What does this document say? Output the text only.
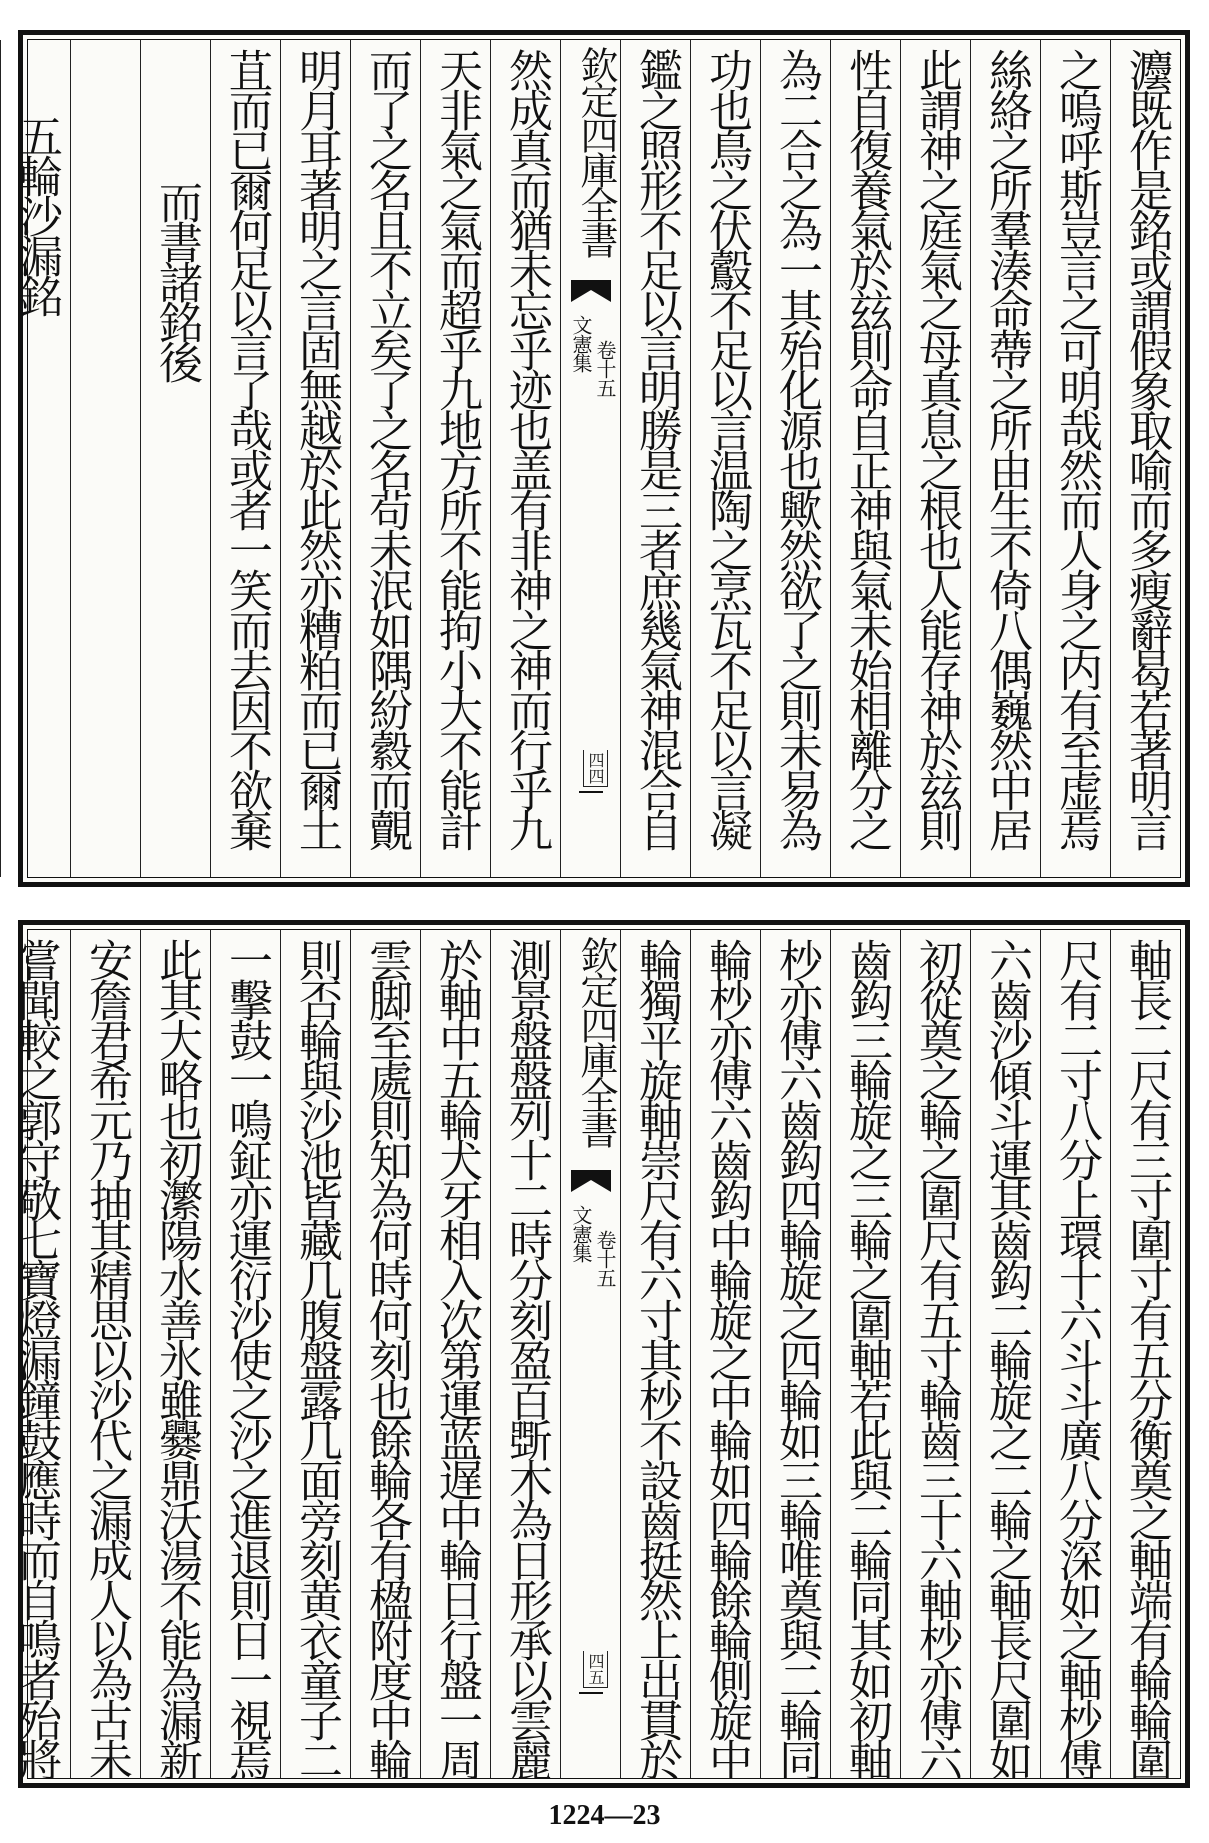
灋既作是銘或謂假象取喻而多瘦辭曷若著明言
之嗚呼斯豈言之可明哉然而人身之内有至虚焉
絲絡之所羣湊命蔕之所由生不倚八偶巍然中居
此謂神之庭氣之母真息之根也人能存神於玆則
性自復養氣於玆則命自正神與氣未始相離分之
為二合之為一其殆化源也歟然欲了之則未易為
功也鳥之伏鷇不足以言温陶之烹瓦不足以言凝
鑑之照形不足以言明勝是三者庶幾氣神混合自
欽定四庫全書
文憲集 卷十五
四四
然成真而猶未忘乎迹也盖有非神之神而行乎九
天非氣之氣而超乎九地方所不能拘小大不能計
而了之名且不立矣了之名茍未泯如隅紛縠而覿
明月耳著明之言固無越於此然亦糟粕而已爾土
苴而已爾何足以言了哉或者一笑而去因不欲棄
而書諸銘後
五輪沙漏銘
軸長二尺有三寸圍寸有五分衡奠之軸端有輪輪圍
尺有二寸八分上環十六斗斗廣八分深如之軸杪傅
六齒沙傾斗運其齒鈎二輪旋之二輪之軸長尺圍如
初從奠之輪之圍尺有五寸輪齒三十六軸杪亦傅六
齒鈎三輪旋之三輪之圍軸若此與二輪同其如初軸
杪亦傅六齒鈎四輪旋之四輪如三輪唯奠與二輪同
輪杪亦傅六齒鈎中輪旋之中輪如四輪餘輪側旋中
輪獨平旋軸崇尺有六寸其杪不設齒挺然上出貫於
欽定四庫全書
文憲集 卷十五
四五
測景盤盤列十二時分刻盈百斲木為日形承以雲麗
於軸中五輪犬牙相入次第運蓝遅中輪日行盤一周
雲脚至處則知為何時何刻也餘輪各有楹附度中輪
則否輪與沙池皆藏几腹盤露几面旁刻黄衣童子二
一擊鼓一鳴鉦亦運衍沙使之沙之進退則日一視焉
此其大略也初瀿陽水善氷雖爨鼎沃湯不能為漏新
安詹君希元乃抽其精思以沙代之漏成人以為古未
嘗聞較之郭守敬七寶燈漏鐘鼓應時而自鳴者殆將
1224—23
